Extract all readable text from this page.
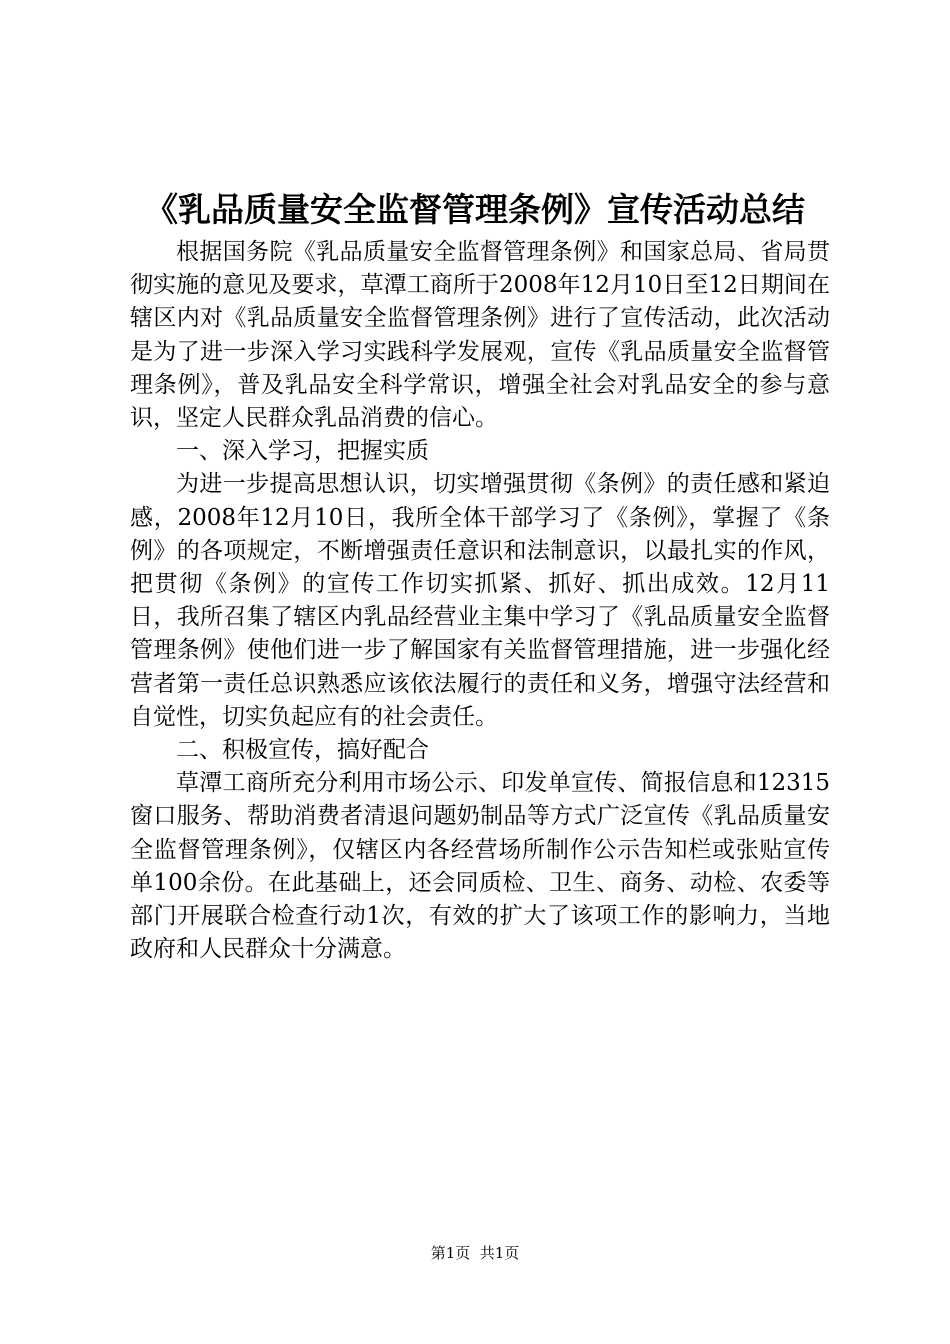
《乳品质量安全监督管理条例》宣传活动总结

根据国务院《乳品质量安全监督管理条例》和国家总局、省局贯彻实施的意见及要求，草潭工商所于2008年12月10日至12日期间在辖区内对《乳品质量安全监督管理条例》进行了宣传活动，此次活动是为了进一步深入学习实践科学发展观，宣传《乳品质量安全监督管理条例》，普及乳品安全科学常识，增强全社会对乳品安全的参与意识，坚定人民群众乳品消费的信心。

一、深入学习，把握实质

为进一步提高思想认识，切实增强贯彻《条例》的责任感和紧迫感，2008年12月10日，我所全体干部学习了《条例》，掌握了《条例》的各项规定，不断增强责任意识和法制意识，以最扎实的作风，把贯彻《条例》的宣传工作切实抓紧、抓好、抓出成效。12月11日，我所召集了辖区内乳品经营业主集中学习了《乳品质量安全监督管理条例》使他们进一步了解国家有关监督管理措施，进一步强化经营者第一责任总识熟悉应该依法履行的责任和义务，增强守法经营和自觉性，切实负起应有的社会责任。

二、积极宣传，搞好配合

草潭工商所充分利用市场公示、印发单宣传、简报信息和12315窗口服务、帮助消费者清退问题奶制品等方式广泛宣传《乳品质量安全监督管理条例》，仅辖区内各经营场所制作公示告知栏或张贴宣传单100余份。在此基础上，还会同质检、卫生、商务、动检、农委等部门开展联合检查行动1次，有效的扩大了该项工作的影响力，当地政府和人民群众十分满意。

第1页  共1页
